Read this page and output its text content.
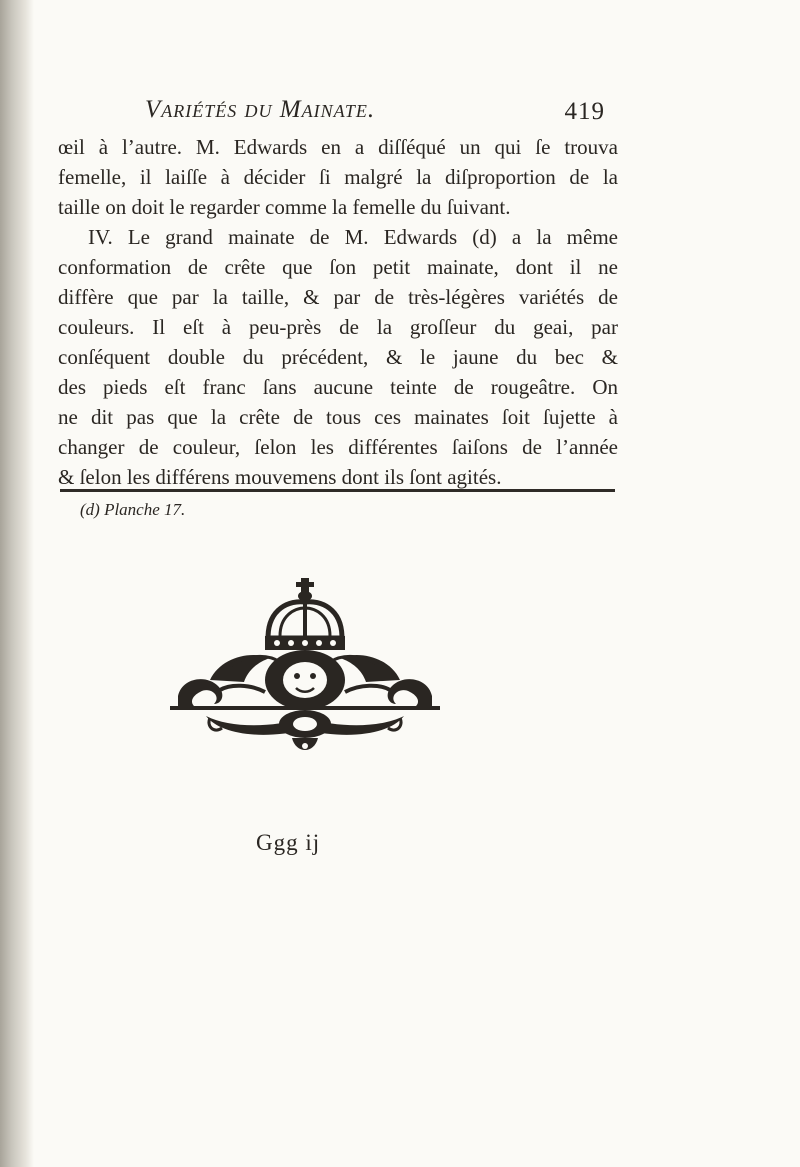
Variétés du Mainate.	419
œil à l’autre. M. Edwards en a diſſéqué un qui ſe trouva
femelle, il laiſſe à décider ſi malgré la diſproportion de la
taille on doit le regarder comme la femelle du ſuivant.
IV. Le grand mainate de M. Edwards (d) a la même
conformation de crête que ſon petit mainate, dont il ne
diffère que par la taille, & par de très-légères variétés de
couleurs. Il eſt à peu-près de la groſſeur du geai, par
conſéquent double du précédent, & le jaune du bec &
des pieds eſt franc ſans aucune teinte de rougeâtre. On
ne dit pas que la crête de tous ces mainates ſoit ſujette à
changer de couleur, ſelon les différentes ſaiſons de l’année
& ſelon les différens mouvemens dont ils ſont agités.
(d) Planche 17.
Ggg ij
